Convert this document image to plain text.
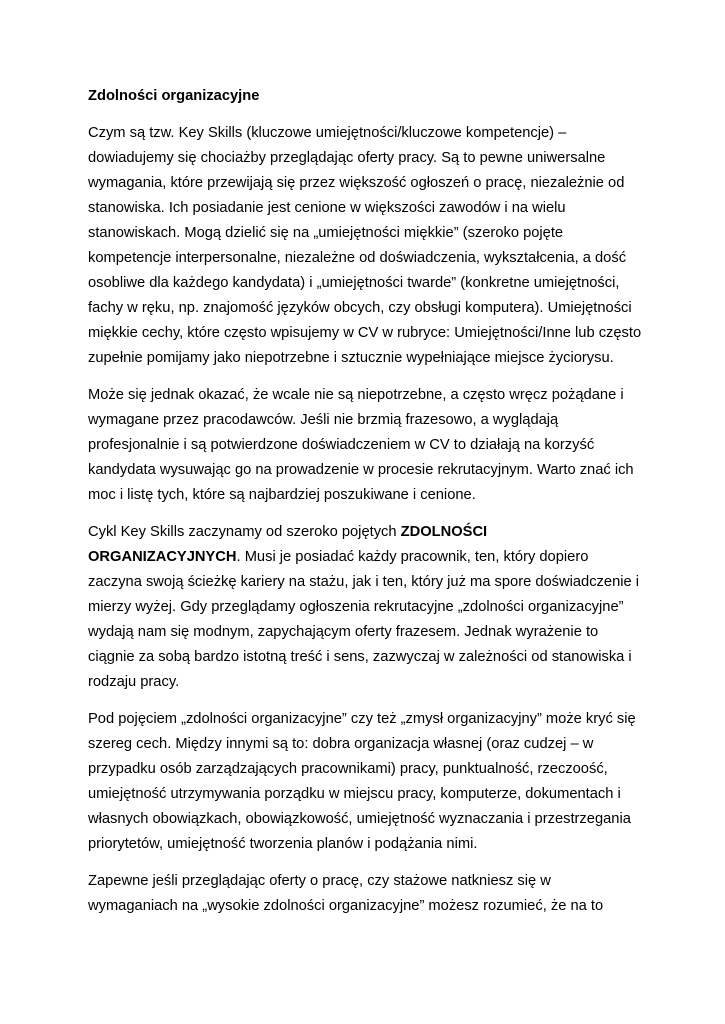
Zdolności organizacyjne

Czym są tzw. Key Skills (kluczowe umiejętności/kluczowe kompetencje) – dowiadujemy się chociażby przeglądając oferty pracy. Są to pewne uniwersalne wymagania, które przewijają się przez większość ogłoszeń o pracę, niezależnie od stanowiska. Ich posiadanie jest cenione w większości zawodów i na wielu stanowiskach. Mogą dzielić się na „umiejętności miękkie” (szeroko pojęte kompetencje interpersonalne, niezależne od doświadczenia, wykształcenia, a dość osobliwe dla każdego kandydata) i „umiejętności twarde” (konkretne umiejętności, fachy w ręku, np. znajomość języków obcych, czy obsługi komputera). Umiejętności miękkie cechy, które często wpisujemy w CV w rubryce: Umiejętności/Inne lub często zupełnie pomijamy jako niepotrzebne i sztucznie wypełniające miejsce życiorysu.

Może się jednak okazać, że wcale nie są niepotrzebne, a często wręcz pożądane i wymagane przez pracodawców. Jeśli nie brzmią frazesowo, a wyglądają profesjonalnie i są potwierdzone doświadczeniem w CV to działają na korzyść kandydata wysuwając go na prowadzenie w procesie rekrutacyjnym. Warto znać ich moc i listę tych, które są najbardziej poszukiwane i cenione.

Cykl Key Skills zaczynamy od szeroko pojętych ZDOLNOŚCI ORGANIZACYJNYCH. Musi je posiadać każdy pracownik, ten, który dopiero zaczyna swoją ścieżkę kariery na stażu, jak i ten, który już ma spore doświadczenie i mierzy wyżej. Gdy przeglądamy ogłoszenia rekrutacyjne „zdolności organizacyjne” wydają nam się modnym, zapychającym oferty frazesem. Jednak wyrażenie to ciągnie za sobą bardzo istotną treść i sens, zazwyczaj w zależności od stanowiska i rodzaju pracy.

Pod pojęciem „zdolności organizacyjne” czy też „zmysł organizacyjny” może kryć się szereg cech. Między innymi są to: dobra organizacja własnej (oraz cudzej – w przypadku osób zarządzających pracownikami) pracy, punktualność, rzeczoość, umiejętność utrzymywania porządku w miejscu pracy, komputerze, dokumentach i własnych obowiązkach, obowiązkowość, umiejętność wyznaczania i przestrzegania priorytetów, umiejętność tworzenia planów i podążania nimi.

Zapewne jeśli przeglądając oferty o pracę, czy stażowe natkniesz się w wymaganiach na „wysokie zdolności organizacyjne” możesz rozumieć, że na to
